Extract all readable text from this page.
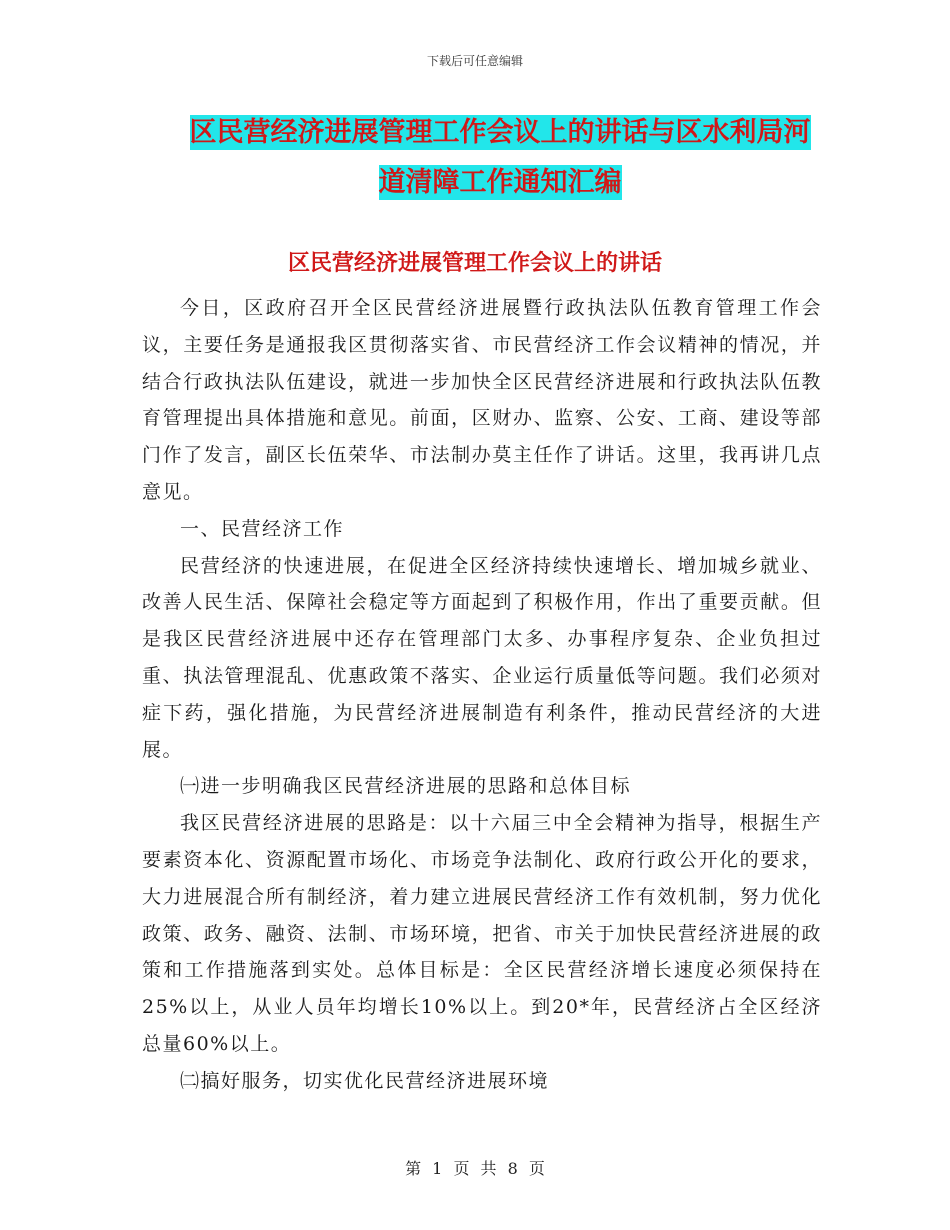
下载后可任意编辑
区民营经济进展管理工作会议上的讲话与区水利局河
道清障工作通知汇编
区民营经济进展管理工作会议上的讲话

今日，区政府召开全区民营经济进展暨行政执法队伍教育管理工作会议，主要任务是通报我区贯彻落实省、市民营经济工作会议精神的情况，并结合行政执法队伍建设，就进一步加快全区民营经济进展和行政执法队伍教育管理提出具体措施和意见。前面，区财办、监察、公安、工商、建设等部门作了发言，副区长伍荣华、市法制办莫主任作了讲话。这里，我再讲几点意见。

一、民营经济工作

民营经济的快速进展，在促进全区经济持续快速增长、增加城乡就业、改善人民生活、保障社会稳定等方面起到了积极作用，作出了重要贡献。但是我区民营经济进展中还存在管理部门太多、办事程序复杂、企业负担过重、执法管理混乱、优惠政策不落实、企业运行质量低等问题。我们必须对症下药，强化措施，为民营经济进展制造有利条件，推动民营经济的大进展。

㈠进一步明确我区民营经济进展的思路和总体目标

我区民营经济进展的思路是：以十六届三中全会精神为指导，根据生产要素资本化、资源配置市场化、市场竞争法制化、政府行政公开化的要求，大力进展混合所有制经济，着力建立进展民营经济工作有效机制，努力优化政策、政务、融资、法制、市场环境，把省、市关于加快民营经济进展的政策和工作措施落到实处。总体目标是：全区民营经济增长速度必须保持在25%以上，从业人员年均增长10%以上。到20*年，民营经济占全区经济总量60%以上。

㈡搞好服务，切实优化民营经济进展环境

第 1 页 共 8 页
